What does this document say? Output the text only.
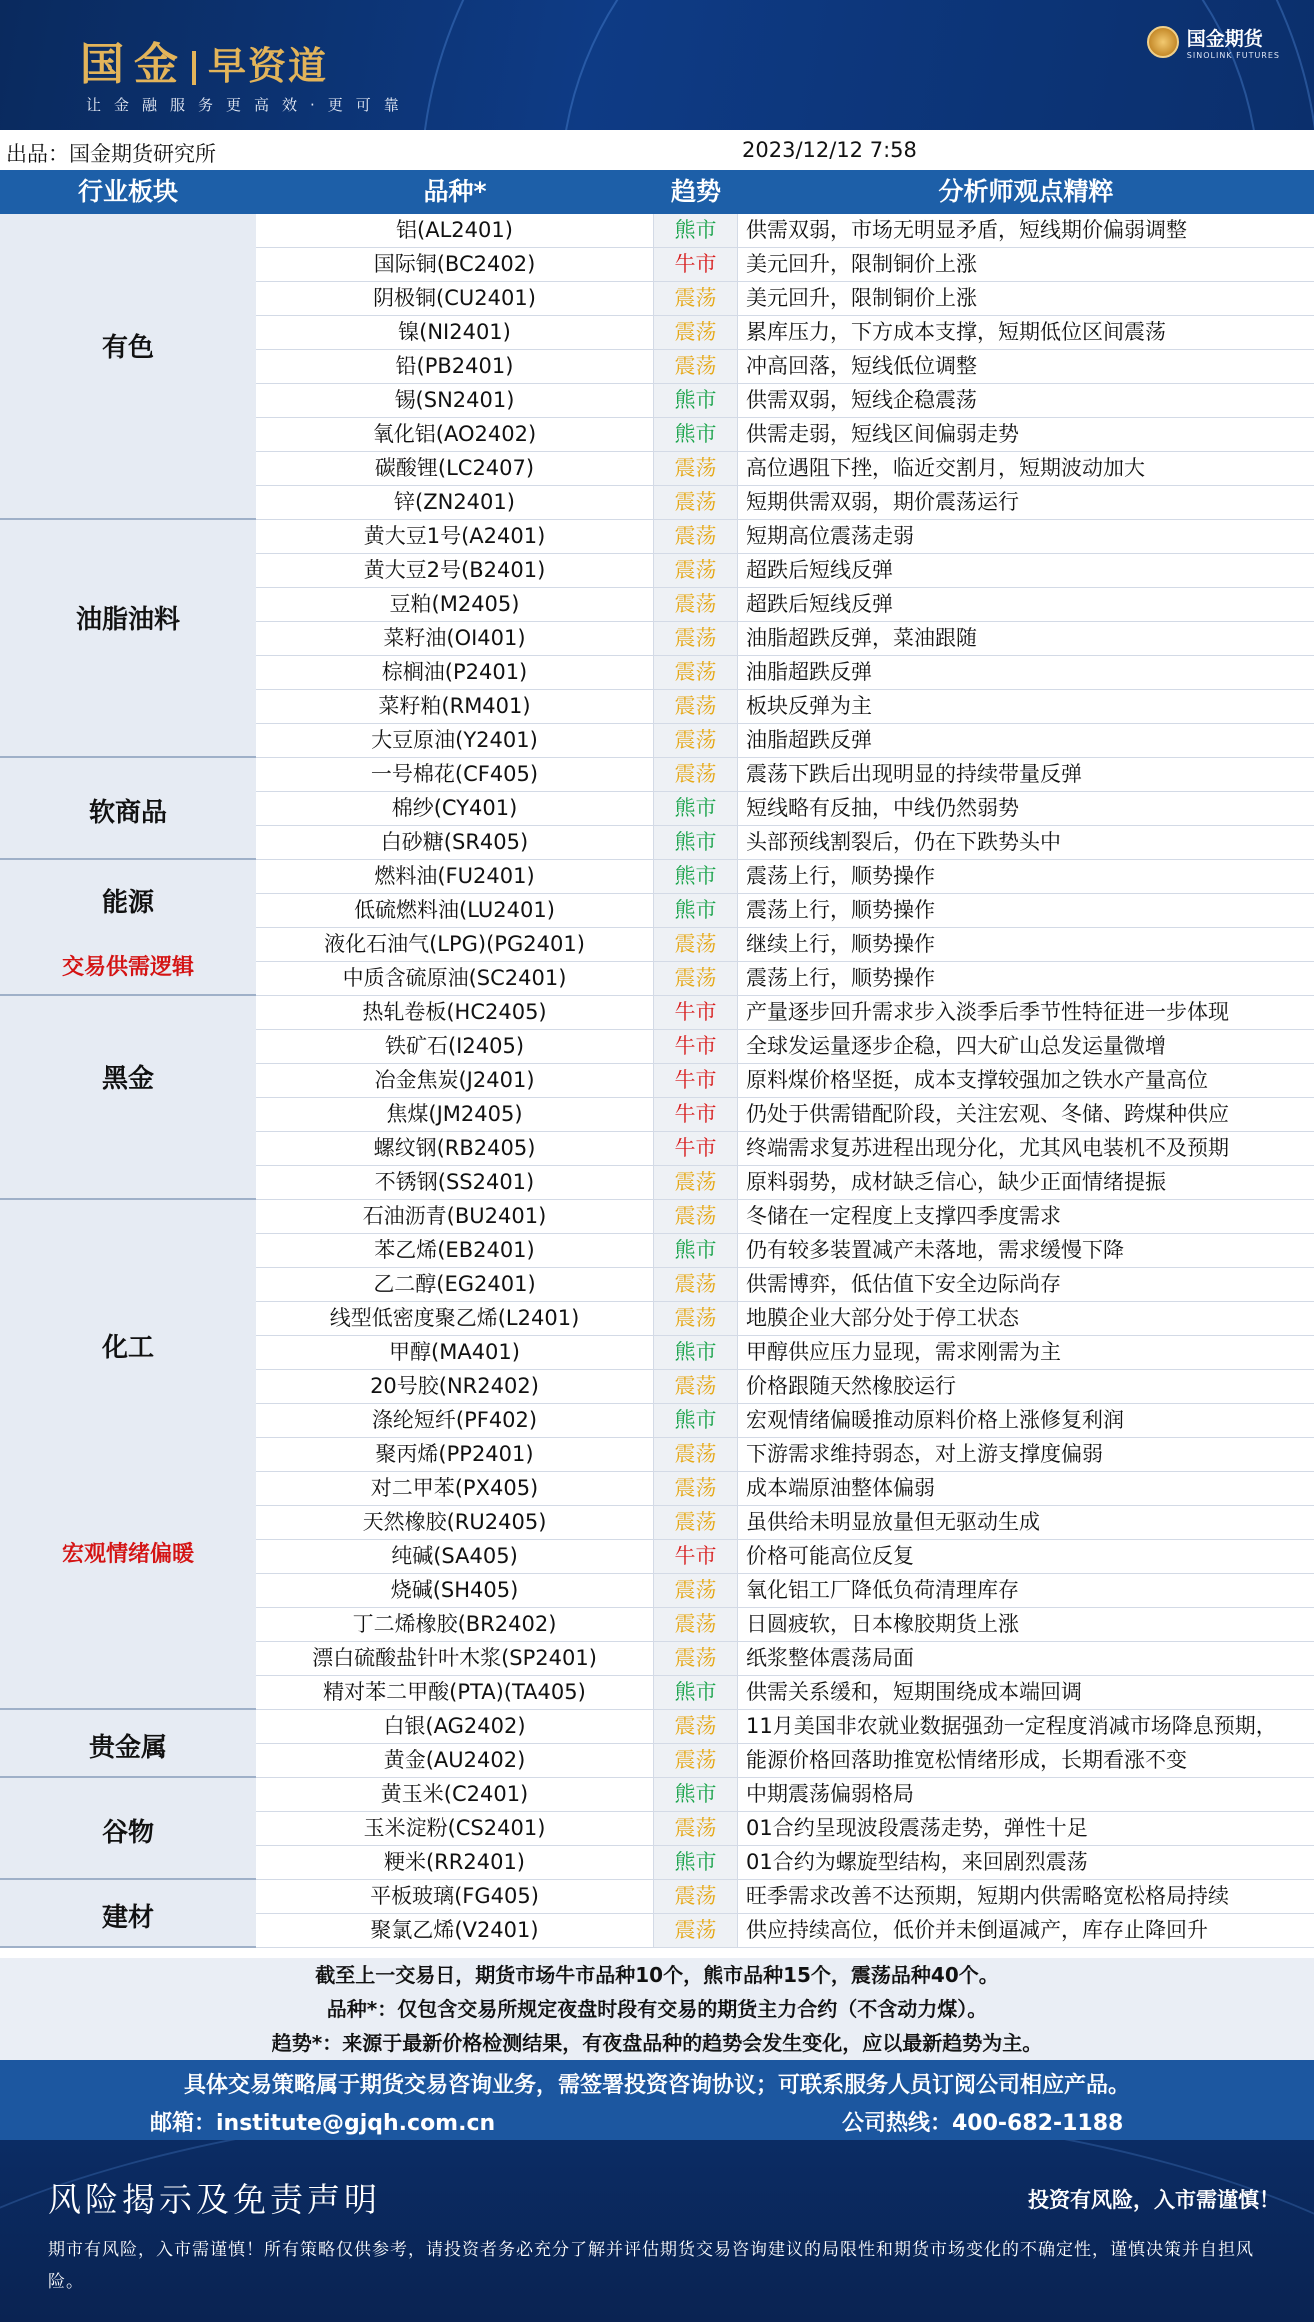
国金 早资道
让金融服务更高效·更可靠
国金期货
SINOLINK FUTURES
出品：国金期货研究所	2023/12/12 7:58
行业板块	品种*	趋势	分析师观点精粹
有色
铝(AL2401)	熊市	供需双弱，市场无明显矛盾，短线期价偏弱调整
国际铜(BC2402)	牛市	美元回升，限制铜价上涨
阴极铜(CU2401)	震荡	美元回升，限制铜价上涨
镍(NI2401)	震荡	累库压力，下方成本支撑，短期低位区间震荡
铅(PB2401)	震荡	冲高回落，短线低位调整
锡(SN2401)	熊市	供需双弱，短线企稳震荡
氧化铝(AO2402)	熊市	供需走弱，短线区间偏弱走势
碳酸锂(LC2407)	震荡	高位遇阻下挫，临近交割月，短期波动加大
锌(ZN2401)	震荡	短期供需双弱，期价震荡运行
油脂油料
黄大豆1号(A2401)	震荡	短期高位震荡走弱
黄大豆2号(B2401)	震荡	超跌后短线反弹
豆粕(M2405)	震荡	超跌后短线反弹
菜籽油(OI401)	震荡	油脂超跌反弹，菜油跟随
棕榈油(P2401)	震荡	油脂超跌反弹
菜籽粕(RM401)	震荡	板块反弹为主
大豆原油(Y2401)	震荡	油脂超跌反弹
软商品
一号棉花(CF405)	震荡	震荡下跌后出现明显的持续带量反弹
棉纱(CY401)	熊市	短线略有反抽，中线仍然弱势
白砂糖(SR405)	熊市	头部预线割裂后，仍在下跌势头中
能源
交易供需逻辑
燃料油(FU2401)	熊市	震荡上行，顺势操作
低硫燃料油(LU2401)	熊市	震荡上行，顺势操作
液化石油气(LPG)(PG2401)	震荡	继续上行，顺势操作
中质含硫原油(SC2401)	震荡	震荡上行，顺势操作
黑金
热轧卷板(HC2405)	牛市	产量逐步回升需求步入淡季后季节性特征进一步体现
铁矿石(I2405)	牛市	全球发运量逐步企稳，四大矿山总发运量微增
冶金焦炭(J2401)	牛市	原料煤价格坚挺，成本支撑较强加之铁水产量高位
焦煤(JM2405)	牛市	仍处于供需错配阶段，关注宏观、冬储、跨煤种供应
螺纹钢(RB2405)	牛市	终端需求复苏进程出现分化，尤其风电装机不及预期
不锈钢(SS2401)	震荡	原料弱势，成材缺乏信心，缺少正面情绪提振
化工
宏观情绪偏暖
石油沥青(BU2401)	震荡	冬储在一定程度上支撑四季度需求
苯乙烯(EB2401)	熊市	仍有较多装置减产未落地，需求缓慢下降
乙二醇(EG2401)	震荡	供需博弈，低估值下安全边际尚存
线型低密度聚乙烯(L2401)	震荡	地膜企业大部分处于停工状态
甲醇(MA401)	熊市	甲醇供应压力显现，需求刚需为主
20号胶(NR2402)	震荡	价格跟随天然橡胶运行
涤纶短纤(PF402)	熊市	宏观情绪偏暖推动原料价格上涨修复利润
聚丙烯(PP2401)	震荡	下游需求维持弱态，对上游支撑度偏弱
对二甲苯(PX405)	震荡	成本端原油整体偏弱
天然橡胶(RU2405)	震荡	虽供给未明显放量但无驱动生成
纯碱(SA405)	牛市	价格可能高位反复
烧碱(SH405)	震荡	氧化铝工厂降低负荷清理库存
丁二烯橡胶(BR2402)	震荡	日圆疲软，日本橡胶期货上涨
漂白硫酸盐针叶木浆(SP2401)	震荡	纸浆整体震荡局面
精对苯二甲酸(PTA)(TA405)	熊市	供需关系缓和，短期围绕成本端回调
贵金属
白银(AG2402)	震荡	11月美国非农就业数据强劲一定程度消减市场降息预期，
黄金(AU2402)	震荡	能源价格回落助推宽松情绪形成，长期看涨不变
谷物
黄玉米(C2401)	熊市	中期震荡偏弱格局
玉米淀粉(CS2401)	震荡	01合约呈现波段震荡走势，弹性十足
粳米(RR2401)	熊市	01合约为螺旋型结构，来回剧烈震荡
建材
平板玻璃(FG405)	震荡	旺季需求改善不达预期，短期内供需略宽松格局持续
聚氯乙烯(V2401)	震荡	供应持续高位，低价并未倒逼减产，库存止降回升
截至上一交易日，期货市场牛市品种10个，熊市品种15个，震荡品种40个。
品种*：仅包含交易所规定夜盘时段有交易的期货主力合约（不含动力煤）。
趋势*：来源于最新价格检测结果，有夜盘品种的趋势会发生变化，应以最新趋势为主。
具体交易策略属于期货交易咨询业务，需签署投资咨询协议；可联系服务人员订阅公司相应产品。
邮箱：institute@gjqh.com.cn	公司热线：400-682-1188
风险揭示及免责声明	投资有风险，入市需谨慎！
期市有风险，入市需谨慎！所有策略仅供参考，请投资者务必充分了解并评估期货交易咨询建议的局限性和期货市场变化的不确定性，谨慎决策并自担风险。
